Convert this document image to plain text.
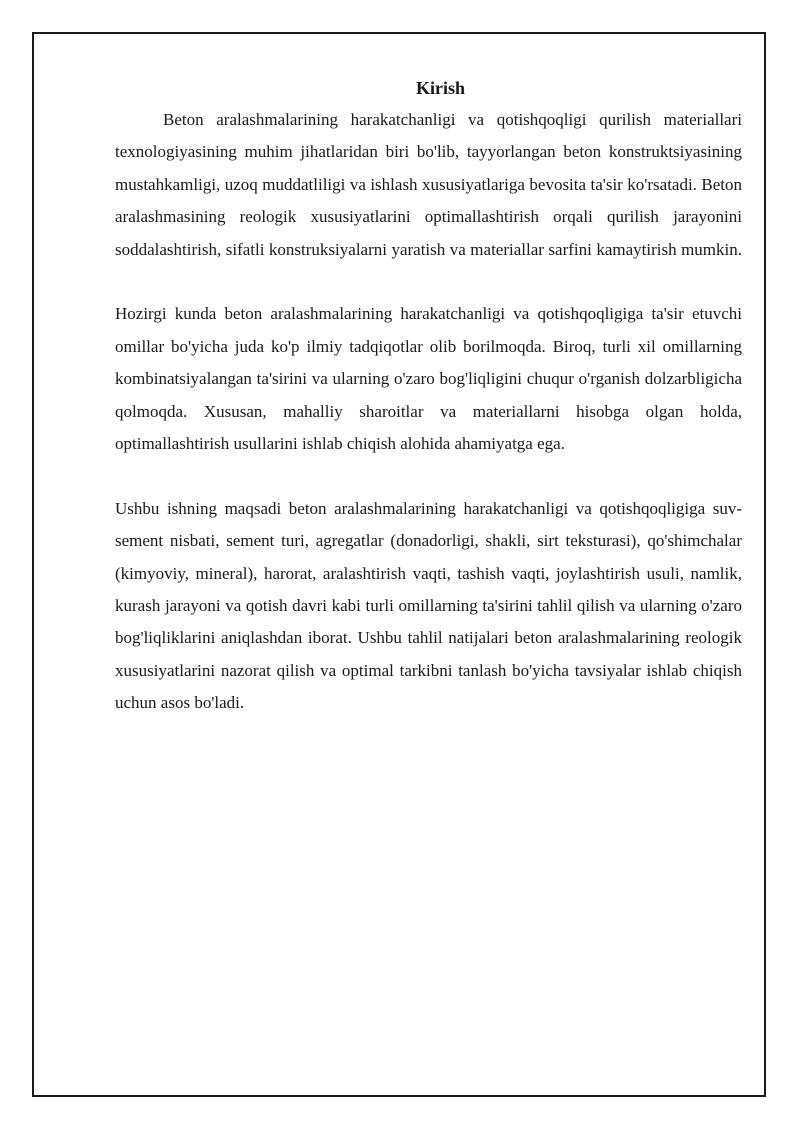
Kirish

Beton aralashmalarining harakatchanligi va qotishqoqligi qurilish materiallari texnologiyasining muhim jihatlaridan biri bo'lib, tayyorlangan beton konstruktsiyasining mustahkamligi, uzoq muddatliligi va ishlash xususiyatlariga bevosita ta'sir ko'rsatadi. Beton aralashmasining reologik xususiyatlarini optimallashtirish orqali qurilish jarayonini soddalashtirish, sifatli konstruksiyalarni yaratish va materiallar sarfini kamaytirish mumkin.

Hozirgi kunda beton aralashmalarining harakatchanligi va qotishqoqligiga ta'sir etuvchi omillar bo'yicha juda ko'p ilmiy tadqiqotlar olib borilmoqda. Biroq, turli xil omillarning kombinatsiyalangan ta'sirini va ularning o'zaro bog'liqligini chuqur o'rganish dolzarbligicha qolmoqda. Xususan, mahalliy sharoitlar va materiallarni hisobga olgan holda, optimallashtirish usullarini ishlab chiqish alohida ahamiyatga ega.

Ushbu ishning maqsadi beton aralashmalarining harakatchanligi va qotishqoqligiga suv-sement nisbati, sement turi, agregatlar (donadorligi, shakli, sirt teksturasi), qo'shimchalar (kimyoviy, mineral), harorat, aralashtirish vaqti, tashish vaqti, joylashtirish usuli, namlik, kurash jarayoni va qotish davri kabi turli omillarning ta'sirini tahlil qilish va ularning o'zaro bog'liqliklarini aniqlashdan iborat. Ushbu tahlil natijalari beton aralashmalarining reologik xususiyatlarini nazorat qilish va optimal tarkibni tanlash bo'yicha tavsiyalar ishlab chiqish uchun asos bo'ladi.
